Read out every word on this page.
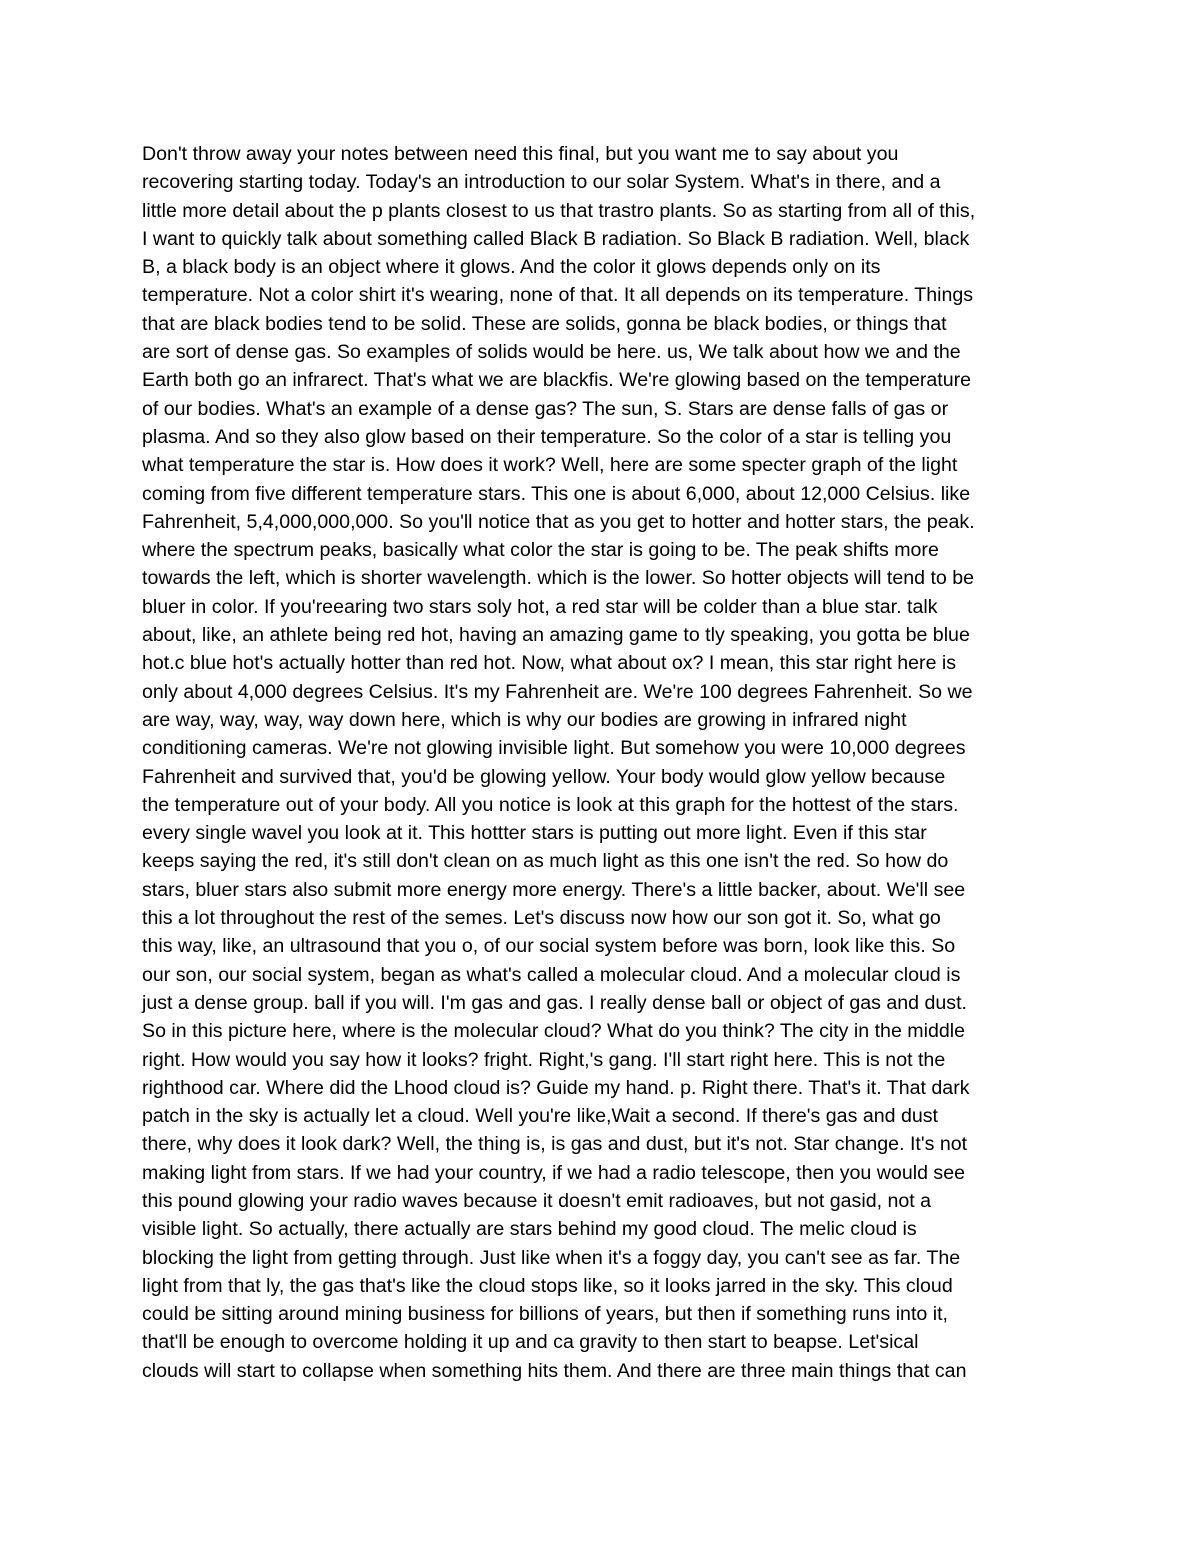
Don't throw away your notes between need this final, but you want me to say about you
recovering starting today. Today's an introduction to our solar System. What's in there, and a
little more detail about the p plants closest to us that trastro plants. So as starting from all of this,
I want to quickly talk about something called Black B radiation. So Black B radiation. Well, black
B, a black body is an object where it glows. And the color it glows depends only on its
temperature. Not a color shirt it's wearing, none of that. It all depends on its temperature. Things
that are black bodies tend to be solid. These are solids, gonna be black bodies, or things that
are sort of dense gas. So examples of solids would be here. us, We talk about how we and the
Earth both go an infrarect. That's what we are blackfis. We're glowing based on the temperature
of our bodies. What's an example of a dense gas? The sun, S. Stars are dense falls of gas or
plasma. And so they also glow based on their temperature. So the color of a star is telling you
what temperature the star is. How does it work? Well, here are some specter graph of the light
coming from five different temperature stars. This one is about 6,000, about 12,000 Celsius. like
Fahrenheit, 5,4,000,000,000. So you'll notice that as you get to hotter and hotter stars, the peak.
where the spectrum peaks, basically what color the star is going to be. The peak shifts more
towards the left, which is shorter wavelength. which is the lower. So hotter objects will tend to be
bluer in color. If you'reearing two stars soly hot, a red star will be colder than a blue star. talk
about, like, an athlete being red hot, having an amazing game to tly speaking, you gotta be blue
hot.c blue hot's actually hotter than red hot. Now, what about ox? I mean, this star right here is
only about 4,000 degrees Celsius. It's my Fahrenheit are. We're 100 degrees Fahrenheit. So we
are way, way, way, way down here, which is why our bodies are growing in infrared night
conditioning cameras. We're not glowing invisible light. But somehow you were 10,000 degrees
Fahrenheit and survived that, you'd be glowing yellow. Your body would glow yellow because
the temperature out of your body. All you notice is look at this graph for the hottest of the stars.
every single wavel you look at it. This hottter stars is putting out more light. Even if this star
keeps saying the red, it's still don't clean on as much light as this one isn't the red. So how do
stars, bluer stars also submit more energy more energy. There's a little backer, about. We'll see
this a lot throughout the rest of the semes. Let's discuss now how our son got it. So, what go
this way, like, an ultrasound that you o, of our social system before was born, look like this. So
our son, our social system, began as what's called a molecular cloud. And a molecular cloud is
just a dense group. ball if you will. I'm gas and gas. I really dense ball or object of gas and dust.
So in this picture here, where is the molecular cloud? What do you think? The city in the middle
right. How would you say how it looks? fright. Right,'s gang. I'll start right here. This is not the
righthood car. Where did the Lhood cloud is? Guide my hand. p. Right there. That's it. That dark
patch in the sky is actually let a cloud. Well you're like,Wait a second. If there's gas and dust
there, why does it look dark? Well, the thing is, is gas and dust, but it's not. Star change. It's not
making light from stars. If we had your country, if we had a radio telescope, then you would see
this pound glowing your radio waves because it doesn't emit radioaves, but not gasid, not a
visible light. So actually, there actually are stars behind my good cloud. The melic cloud is
blocking the light from getting through. Just like when it's a foggy day, you can't see as far. The
light from that ly, the gas that's like the cloud stops like, so it looks jarred in the sky. This cloud
could be sitting around mining business for billions of years, but then if something runs into it,
that'll be enough to overcome holding it up and ca gravity to then start to beapse. Let'sical
clouds will start to collapse when something hits them. And there are three main things that can
